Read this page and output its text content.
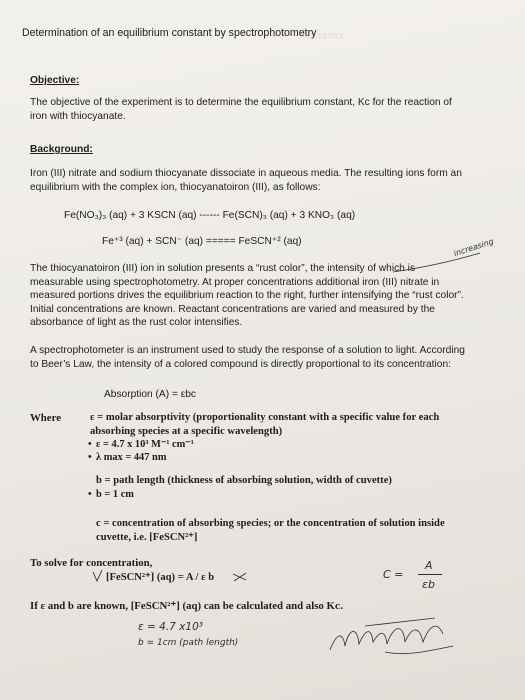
xxxxxxxx
Determination of an equilibrium constant by spectrophotometry
Objective:
The objective of the experiment is to determine the equilibrium constant, Kᴄ for the reaction of iron with thiocyanate.
Background:
Iron (III) nitrate and sodium thiocyanate dissociate in aqueous media. The resulting ions form an equilibrium with the complex ion, thiocyanatoiron (III), as follows:
Fe(NO₃)₃ (aq) + 3 KSCN (aq) ------ Fe(SCN)₃ (aq) + 3 KNO₃ (aq)
Fe⁺³ (aq) + SCN⁻ (aq) ===== FeSCN⁺² (aq)
The thiocyanatoiron (III) ion in solution presents a “rust color”, the intensity of which is measurable using spectrophotometry. At proper concentrations additional iron (III) nitrate in measured portions drives the equilibrium reaction to the right, further intensifying the “rust color”. Initial concentrations are known. Reactant concentrations are varied and measured by the absorbance of light as the rust color intensifies.
increasing
A spectrophotometer is an instrument used to study the response of a solution to light. According to Beer’s Law, the intensity of a colored compound is directly proportional to its concentration:
Absorption (A) = εbc
Where	ε = molar absorptivity (proportionality constant with a specific value for each absorbing species at a specific wavelength)
• ε = 4.7 x 10³ M⁻¹ cm⁻¹
• λ max = 447 nm
b = path length (thickness of absorbing solution, width of cuvette)
• b = 1 cm
c = concentration of absorbing species; or the concentration of solution inside cuvette, i.e. [FeSCN²⁺]
To solve for concentration,
[FeSCN²⁺] (aq) = A / ε b	C =
A
εb
If ε and b are known, [FeSCN²⁺] (aq) can be calculated and also Kᴄ.
ε = 4.7 x10³
b = 1cm (path length)
